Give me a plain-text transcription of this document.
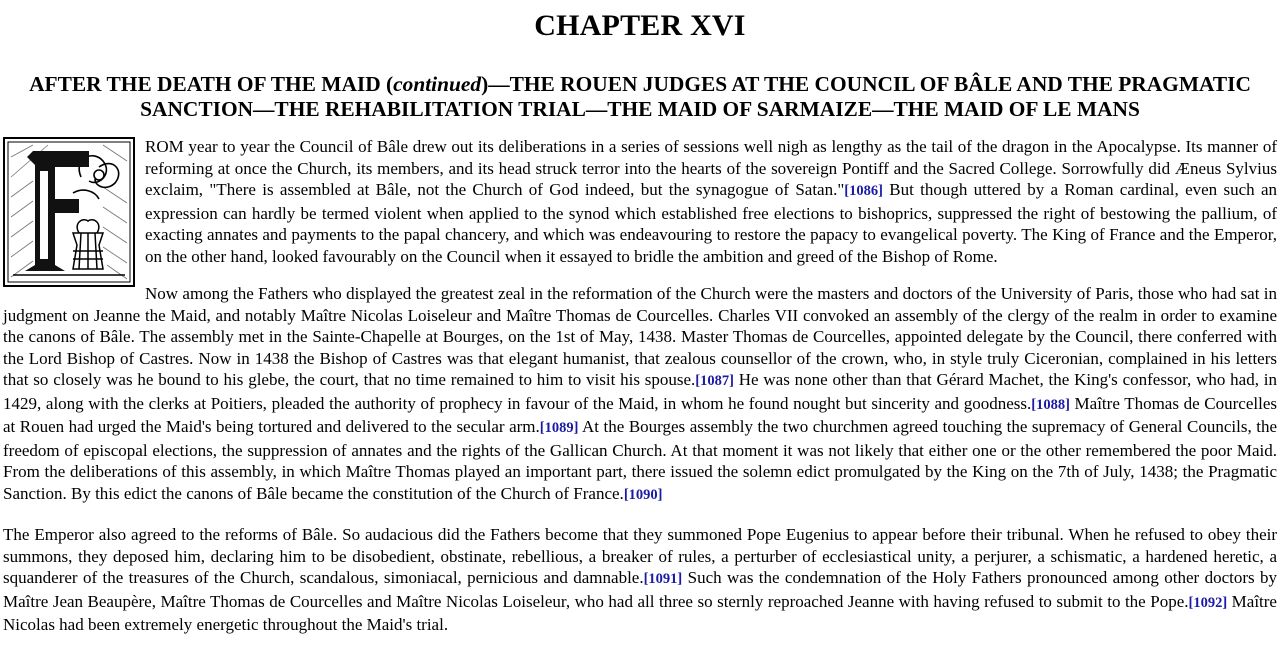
CHAPTER XVI
AFTER THE DEATH OF THE MAID (continued)—THE ROUEN JUDGES AT THE COUNCIL OF BÂLE AND THE PRAGMATIC SANCTION—THE REHABILITATION TRIAL—THE MAID OF SARMAIZE—THE MAID OF LE MANS

ROM year to year the Council of Bâle drew out its deliberations in a series of sessions well nigh as lengthy as the tail of the dragon in the Apocalypse. Its manner of reforming at once the Church, its members, and its head struck terror into the hearts of the sovereign Pontiff and the Sacred College. Sorrowfully did Æneus Sylvius exclaim, "There is assembled at Bâle, not the Church of God indeed, but the synagogue of Satan."[1086] But though uttered by a Roman cardinal, even such an expression can hardly be termed violent when applied to the synod which established free elections to bishoprics, suppressed the right of bestowing the pallium, of exacting annates and payments to the papal chancery, and which was endeavouring to restore the papacy to evangelical poverty. The King of France and the Emperor, on the other hand, looked favourably on the Council when it essayed to bridle the ambition and greed of the Bishop of Rome.

Now among the Fathers who displayed the greatest zeal in the reformation of the Church were the masters and doctors of the University of Paris, those who had sat in judgment on Jeanne the Maid, and notably Maître Nicolas Loiseleur and Maître Thomas de Courcelles. Charles VII convoked an assembly of the clergy of the realm in order to examine the canons of Bâle. The assembly met in the Sainte-Chapelle at Bourges, on the 1st of May, 1438. Master Thomas de Courcelles, appointed delegate by the Council, there conferred with the Lord Bishop of Castres. Now in 1438 the Bishop of Castres was that elegant humanist, that zealous counsellor of the crown, who, in style truly Ciceronian, complained in his letters that so closely was he bound to his glebe, the court, that no time remained to him to visit his spouse.[1087] He was none other than that Gérard Machet, the King's confessor, who had, in 1429, along with the clerks at Poitiers, pleaded the authority of prophecy in favour of the Maid, in whom he found nought but sincerity and goodness.[1088] Maître Thomas de Courcelles at Rouen had urged the Maid's being tortured and delivered to the secular arm.[1089] At the Bourges assembly the two churchmen agreed touching the supremacy of General Councils, the freedom of episcopal elections, the suppression of annates and the rights of the Gallican Church. At that moment it was not likely that either one or the other remembered the poor Maid. From the deliberations of this assembly, in which Maître Thomas played an important part, there issued the solemn edict promulgated by the King on the 7th of July, 1438; the Pragmatic Sanction. By this edict the canons of Bâle became the constitution of the Church of France.[1090]

The Emperor also agreed to the reforms of Bâle. So audacious did the Fathers become that they summoned Pope Eugenius to appear before their tribunal. When he refused to obey their summons, they deposed him, declaring him to be disobedient, obstinate, rebellious, a breaker of rules, a perturber of ecclesiastical unity, a perjurer, a schismatic, a hardened heretic, a squanderer of the treasures of the Church, scandalous, simoniacal, pernicious and damnable.[1091] Such was the condemnation of the Holy Fathers pronounced among other doctors by Maître Jean Beaupère, Maître Thomas de Courcelles and Maître Nicolas Loiseleur, who had all three so sternly reproached Jeanne with having refused to submit to the Pope.[1092] Maître Nicolas had been extremely energetic throughout the Maid's trial.
